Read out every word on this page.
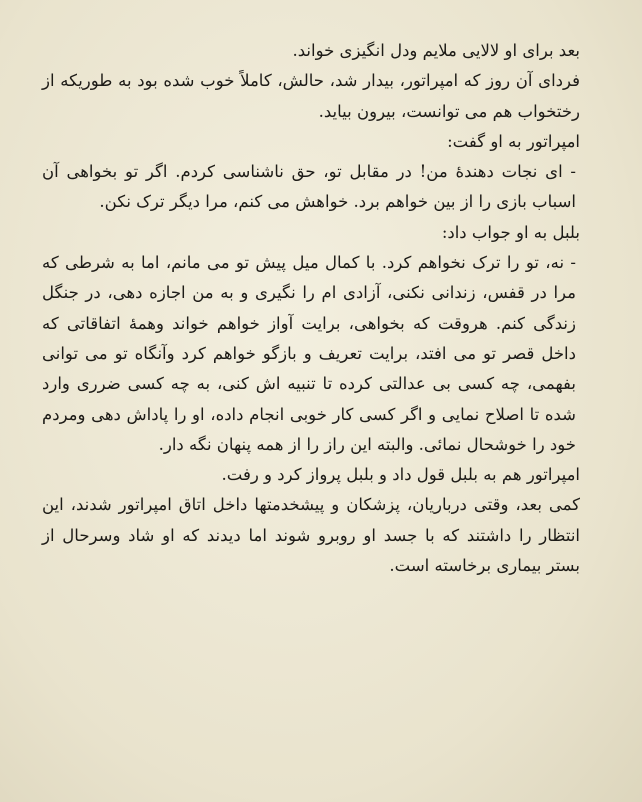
بعد برای او لالایی ملایم ودل انگیزی خواند.

فردای آن روز که امپراتور، بیدار شد، حالش، کاملاً خوب شده بود به طوریکه از رختخواب هم می توانست، بیرون بیاید.

امپراتور به او گفت:

- ای نجات دهندهٔ من! در مقابل تو، حق ناشناسی کردم. اگر تو بخواهی آن اسباب بازی را از بین خواهم برد. خواهش می کنم، مرا دیگر ترک نکن.

بلبل به او جواب داد:

- نه، تو را ترک نخواهم کرد. با کمال میل پیش تو می مانم، اما به شرطی که مرا در قفس، زندانی نکنی، آزادی ام را نگیری و به من اجازه دهی، در جنگل زندگی کنم. هروقت که بخواهی، برایت آواز خواهم خواند وهمهٔ اتفاقاتی که داخل قصر تو می افتد، برایت تعریف و بازگو خواهم کرد وآنگاه تو می توانی بفهمی، چه کسی بی عدالتی کرده تا تنبیه اش کنی، به چه کسی ضرری وارد شده تا اصلاح نمایی و اگر کسی کار خوبی انجام داده، او را پاداش دهی ومردم خود را خوشحال نمائی. والبته این راز را از همه پنهان نگه دار.

امپراتور هم به بلبل قول داد و بلبل پرواز کرد و رفت.

کمی بعد، وقتی درباریان، پزشکان و پیشخدمتها داخل اتاق امپراتور شدند، این انتظار را داشتند که با جسد او روبرو شوند اما دیدند که او شاد وسرحال از بستر بیماری برخاسته است.
